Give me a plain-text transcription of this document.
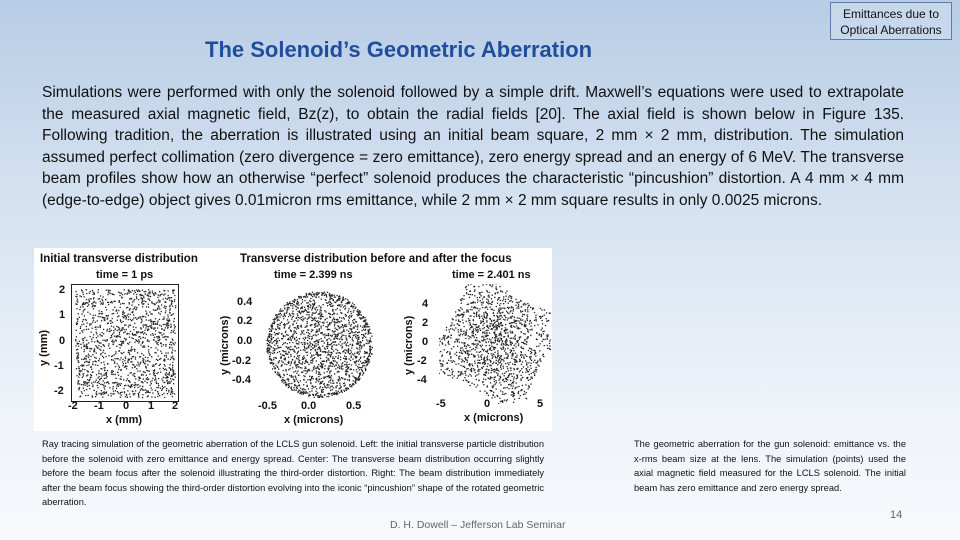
Emittances due to Optical Aberrations
The Solenoid’s Geometric Aberration
Simulations were performed with only the solenoid followed by a simple drift. Maxwell’s equations were used to extrapolate the measured axial magnetic field, Bz(z), to obtain the radial fields [20]. The axial field is shown below in Figure 135. Following tradition, the aberration is illustrated using an initial beam square, 2 mm × 2 mm, distribution. The simulation assumed perfect collimation (zero divergence = zero emittance), zero energy spread and an energy of 6 MeV. The transverse beam profiles show how an otherwise “perfect” solenoid produces the characteristic “pincushion” distortion. A 4 mm × 4 mm (edge-to-edge) object gives 0.01micron rms emittance, while 2 mm × 2 mm square results in only 0.0025 microns.
Initial transverse distribution	Transverse distribution before and after the focus
time = 1 ps
2
1
0
-1
-2
-2 -1 0 1 2
x (mm)
y (mm)
time = 2.399 ns
0.4
0.2
0.0
-0.2
-0.4
-0.5 0.0	0.5
x (microns)
y (microns)
time = 2.401 ns
4
2
0
-2
-4
-5	0	5
x (microns)
y (microns)
Ray tracing simulation of the geometric aberration of the LCLS gun solenoid. Left: the initial transverse particle distribution before the solenoid with zero emittance and energy spread. Center: The transverse beam distribution occurring slightly before the beam focus after the solenoid illustrating the third-order distortion. Right: The beam distribution immediately after the beam focus showing the third-order distortion evolving into the iconic “pincushion” shape of the rotated geometric aberration.
The geometric aberration for the gun solenoid: emittance vs. the x-rms beam size at the lens. The simulation (points) used the axial magnetic field measured for the LCLS solenoid. The initial beam has zero emittance and zero energy spread.
D. H. Dowell – Jefferson Lab Seminar
14
